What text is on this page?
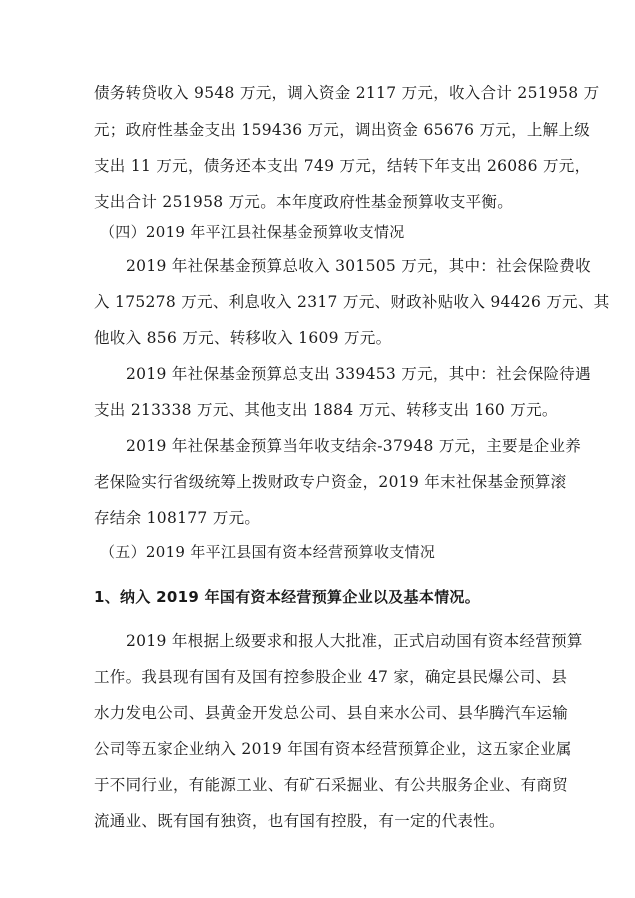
债务转贷收入 9548 万元，调入资金 2117 万元，收入合计 251958 万
元；政府性基金支出 159436 万元，调出资金 65676 万元，上解上级
支出 11 万元，债务还本支出 749 万元，结转下年支出 26086 万元，
支出合计 251958 万元。本年度政府性基金预算收支平衡。
（四）2019 年平江县社保基金预算收支情况
2019 年社保基金预算总收入 301505 万元，其中：社会保险费收
入 175278 万元、利息收入 2317 万元、财政补贴收入 94426 万元、其
他收入 856 万元、转移收入 1609 万元。
2019 年社保基金预算总支出 339453 万元，其中：社会保险待遇
支出 213338 万元、其他支出 1884 万元、转移支出 160 万元。
2019 年社保基金预算当年收支结余-37948 万元，主要是企业养
老保险实行省级统筹上拨财政专户资金，2019 年末社保基金预算滚
存结余 108177 万元。
（五）2019 年平江县国有资本经营预算收支情况
1、纳入 2019 年国有资本经营预算企业以及基本情况。
2019 年根据上级要求和报人大批准，正式启动国有资本经营预算
工作。我县现有国有及国有控参股企业 47 家，确定县民爆公司、县
水力发电公司、县黄金开发总公司、县自来水公司、县华腾汽车运输
公司等五家企业纳入 2019 年国有资本经营预算企业，这五家企业属
于不同行业，有能源工业、有矿石采掘业、有公共服务企业、有商贸
流通业、既有国有独资，也有国有控股，有一定的代表性。
